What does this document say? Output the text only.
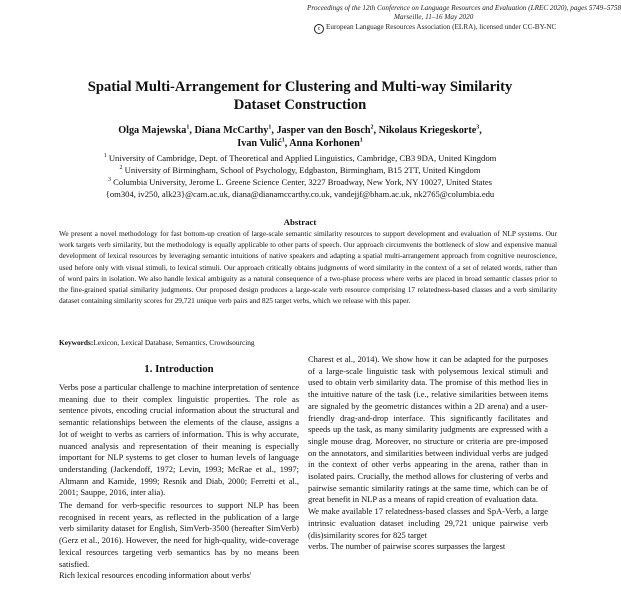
Proceedings of the 12th Conference on Language Resources and Evaluation (LREC 2020), pages 5749–5758
Marseille, 11–16 May 2020
c European Language Resources Association (ELRA), licensed under CC-BY-NC
Spatial Multi-Arrangement for Clustering and Multi-way Similarity
Dataset Construction
Olga Majewska$^1$, Diana McCarthy$^1$, Jasper van den Bosch$^2$, Nikolaus Kriegeskorte$^3$,
Ivan Vulić$^1$, Anna Korhonen$^1$
$^1$ University of Cambridge, Dept. of Theoretical and Applied Linguistics, Cambridge, CB3 9DA, United Kingdom
$^2$ University of Birmingham, School of Psychology, Edgbaston, Birmingham, B15 2TT, United Kingdom
$^3$ Columbia University, Jerome L. Greene Science Center, 3227 Broadway, New York, NY 10027, United States
{om304, iv250, alk23}@cam.ac.uk, diana@dianamccarthy.co.uk, vandejjf@bham.ac.uk, nk2765@columbia.edu
Abstract
We present a novel methodology for fast bottom-up creation of large-scale semantic similarity resources to support development and evaluation of NLP systems. Our work targets verb similarity, but the methodology is equally applicable to other parts of speech. Our approach circumvents the bottleneck of slow and expensive manual development of lexical resources by leveraging semantic intuitions of native speakers and adapting a spatial multi-arrangement approach from cognitive neuroscience, used before only with visual stimuli, to lexical stimuli. Our approach critically obtains judgments of word similarity in the context of a set of related words, rather than of word pairs in isolation. We also handle lexical ambiguity as a natural consequence of a two-phase process where verbs are placed in broad semantic classes prior to the fine-grained spatial similarity judgments. Our proposed design produces a large-scale verb resource comprising 17 relatedness-based classes and a verb similarity dataset containing similarity scores for 29,721 unique verb pairs and 825 target verbs, which we release with this paper.
Keywords:Lexicon, Lexical Database, Semantics, Crowdsourcing
1. Introduction

Verbs pose a particular challenge to machine interpretation of sentence meaning due to their complex linguistic properties. The role as sentence pivots, encoding crucial information about the structural and semantic relationships between the elements of the clause, assigns a lot of weight to verbs as carriers of information. This is why accurate, nuanced analysis and representation of their meaning is especially important for NLP systems to get closer to human levels of language understanding (Jackendoff, 1972; Levin, 1993; McRae et al., 1997; Altmann and Kamide, 1999; Resnik and Diab, 2000; Ferretti et al., 2001; Sauppe, 2016, inter alia).

The demand for verb-specific resources to support NLP has been recognised in recent years, as reflected in the publication of a large verb similarity dataset for English, SimVerb-3500 (hereafter SimVerb) (Gerz et al., 2016). However, the need for high-quality, wide-coverage lexical resources targeting verb semantics has by no means been satisfied.

Rich lexical resources encoding information about verbs'

Charest et al., 2014). We show how it can be adapted for the purposes of a large-scale linguistic task with polysemous lexical stimuli and used to obtain verb similarity data. The promise of this method lies in the intuitive nature of the task (i.e., relative similarities between items are signaled by the geometric distances within a 2D arena) and a user-friendly drag-and-drop interface. This significantly facilitates and speeds up the task, as many similarity judgments are expressed with a single mouse drag. Moreover, no structure or criteria are pre-imposed on the annotators, and similarities between individual verbs are judged in the context of other verbs appearing in the arena, rather than in isolated pairs. Crucially, the method allows for clustering of verbs and pairwise semantic similarity ratings at the same time, which can be of great benefit in NLP as a means of rapid creation of evaluation data.

We make available 17 relatedness-based classes and SpA-Verb, a large intrinsic evaluation dataset including 29,721 unique pairwise verb (dis)similarity scores for 825 target

verbs. The number of pairwise scores surpasses the largest
